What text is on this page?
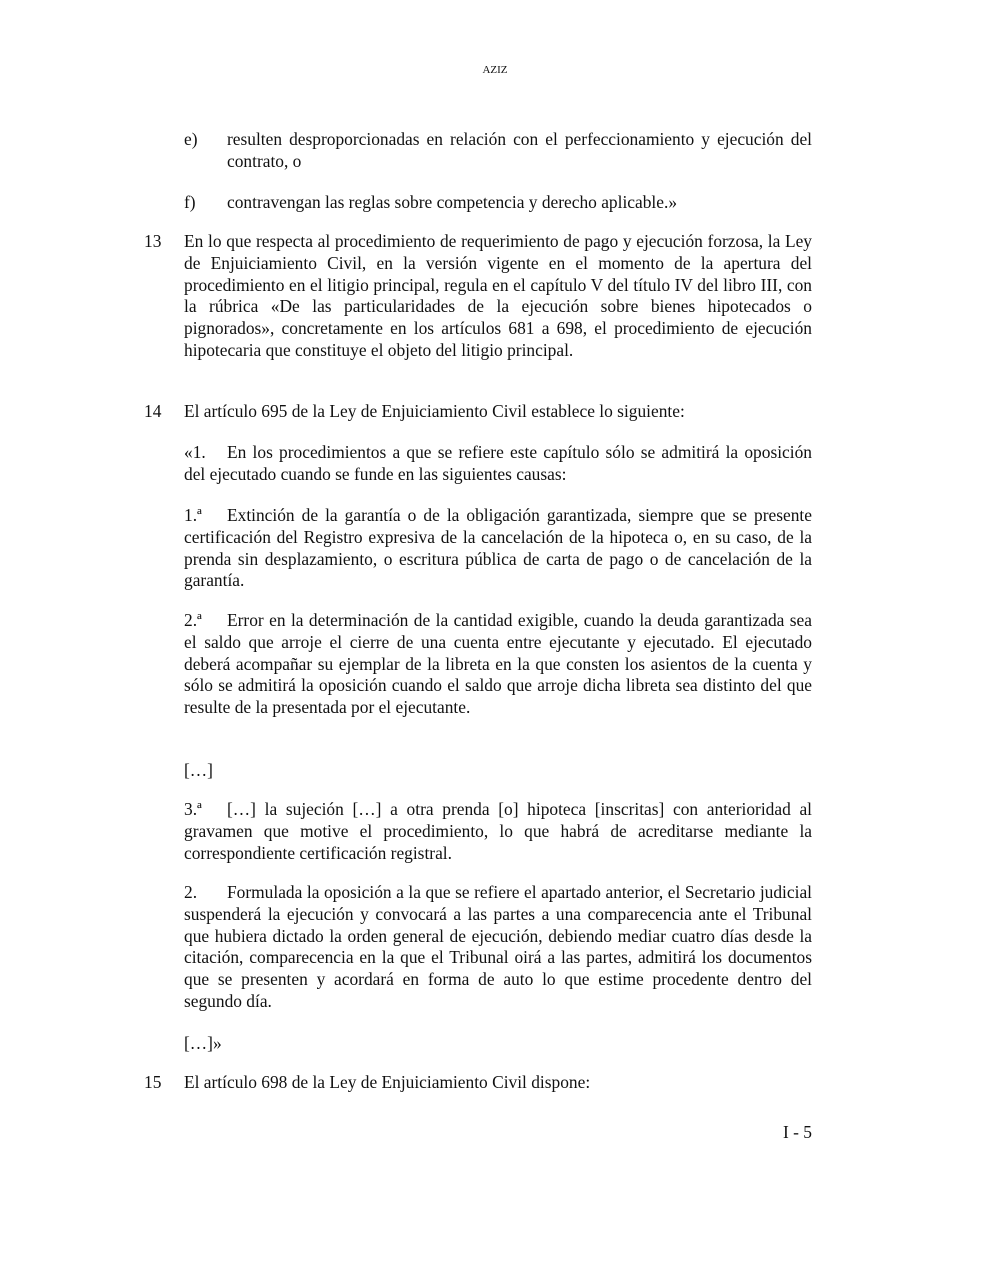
AZIZ
e) resulten desproporcionadas en relación con el perfeccionamiento y ejecución del contrato, o
f) contravengan las reglas sobre competencia y derecho aplicable.»
13 En lo que respecta al procedimiento de requerimiento de pago y ejecución forzosa, la Ley de Enjuiciamiento Civil, en la versión vigente en el momento de la apertura del procedimiento en el litigio principal, regula en el capítulo V del título IV del libro III, con la rúbrica «De las particularidades de la ejecución sobre bienes hipotecados o pignorados», concretamente en los artículos 681 a 698, el procedimiento de ejecución hipotecaria que constituye el objeto del litigio principal.
14 El artículo 695 de la Ley de Enjuiciamiento Civil establece lo siguiente:
«1. En los procedimientos a que se refiere este capítulo sólo se admitirá la oposición del ejecutado cuando se funde en las siguientes causas:
1.ª Extinción de la garantía o de la obligación garantizada, siempre que se presente certificación del Registro expresiva de la cancelación de la hipoteca o, en su caso, de la prenda sin desplazamiento, o escritura pública de carta de pago o de cancelación de la garantía.
2.ª Error en la determinación de la cantidad exigible, cuando la deuda garantizada sea el saldo que arroje el cierre de una cuenta entre ejecutante y ejecutado. El ejecutado deberá acompañar su ejemplar de la libreta en la que consten los asientos de la cuenta y sólo se admitirá la oposición cuando el saldo que arroje dicha libreta sea distinto del que resulte de la presentada por el ejecutante.
[…]
3.ª […] la sujeción […] a otra prenda [o] hipoteca [inscritas] con anterioridad al gravamen que motive el procedimiento, lo que habrá de acreditarse mediante la correspondiente certificación registral.
2. Formulada la oposición a la que se refiere el apartado anterior, el Secretario judicial suspenderá la ejecución y convocará a las partes a una comparecencia ante el Tribunal que hubiera dictado la orden general de ejecución, debiendo mediar cuatro días desde la citación, comparecencia en la que el Tribunal oirá a las partes, admitirá los documentos que se presenten y acordará en forma de auto lo que estime procedente dentro del segundo día.
[…]»
15 El artículo 698 de la Ley de Enjuiciamiento Civil dispone:
I - 5
